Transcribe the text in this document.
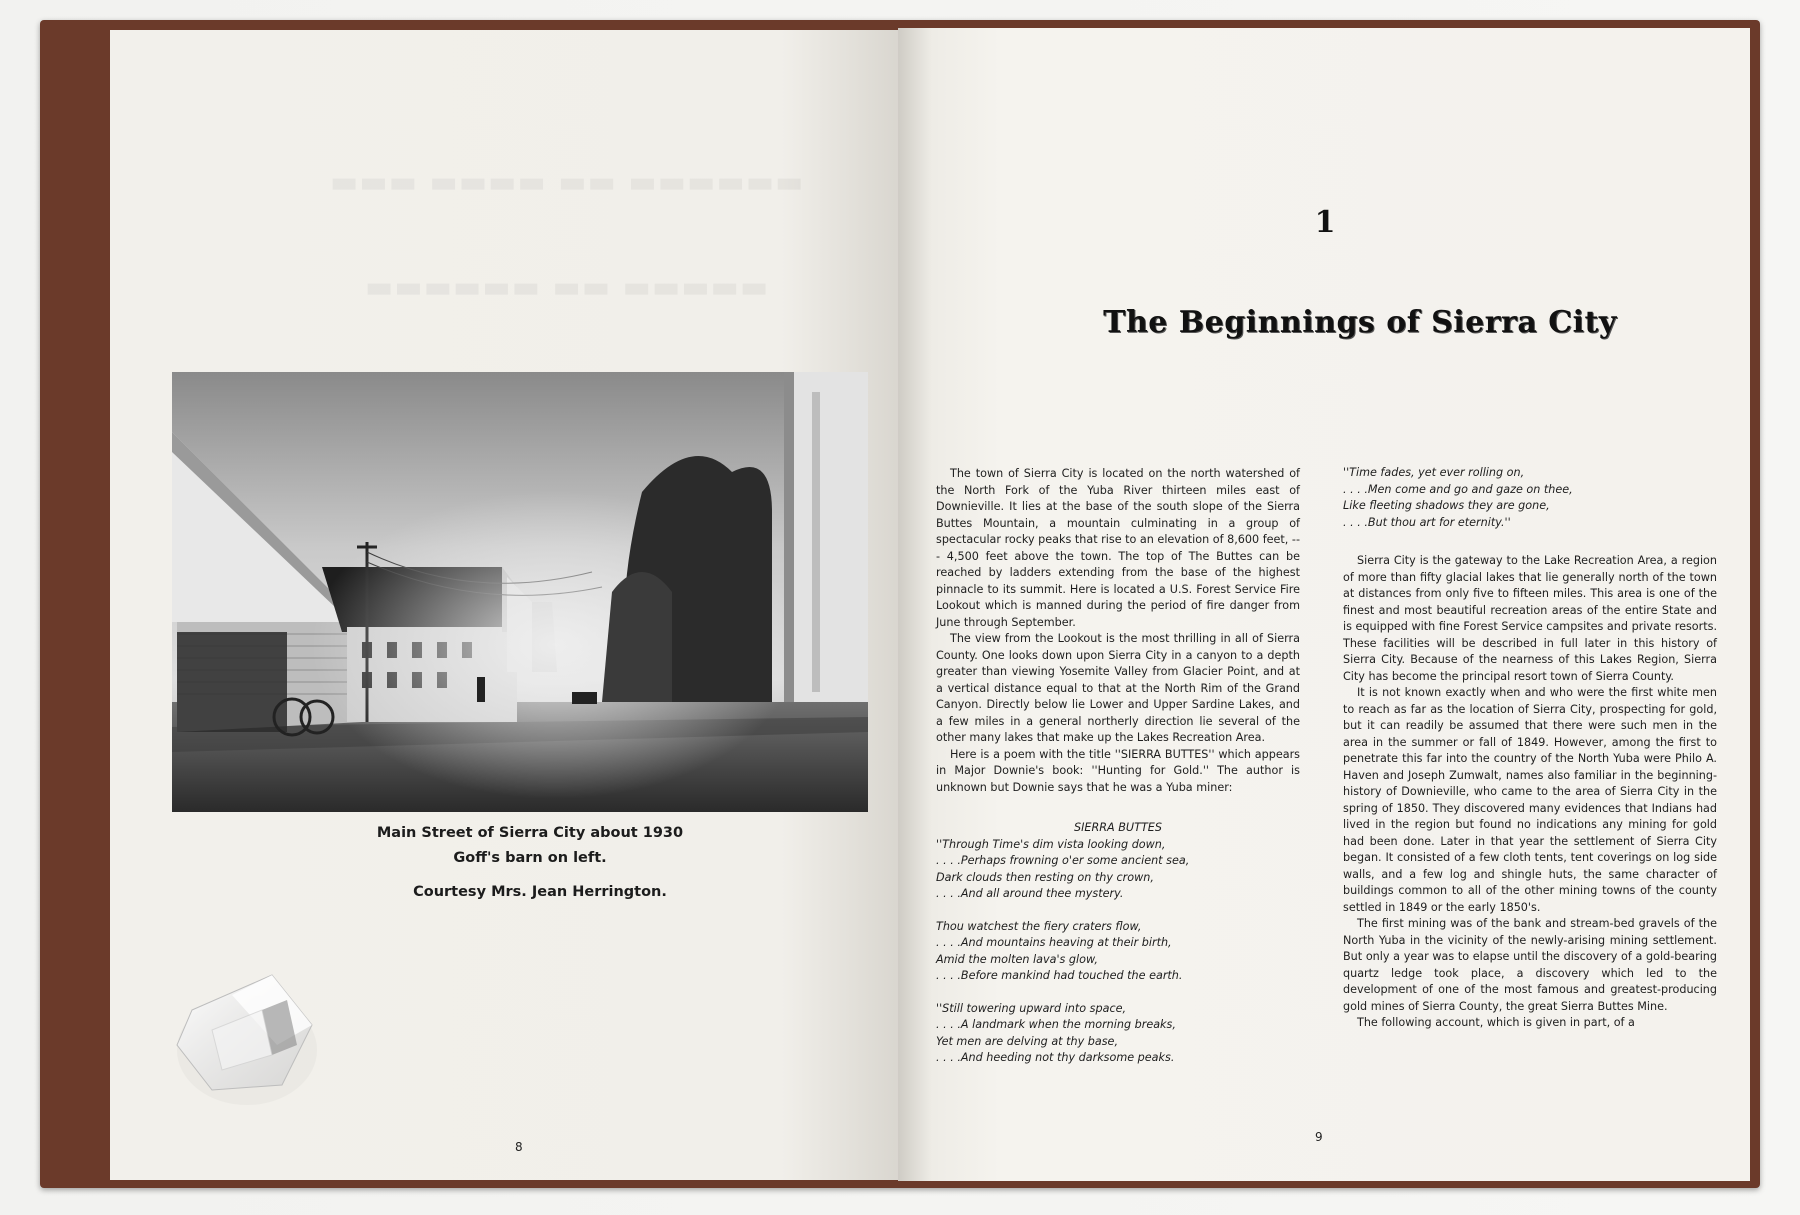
▬▬▬ ▬▬▬▬ ▬▬ ▬▬▬▬▬▬
▬▬▬▬▬▬ ▬▬ ▬▬▬▬▬
Main Street of Sierra City about 1930
Goff's barn on left.
Courtesy Mrs. Jean Herrington.
8
1
The Beginnings of Sierra City

The town of Sierra City is located on the north watershed of the North Fork of the Yuba River thirteen miles east of Downieville. It lies at the base of the south slope of the Sierra Buttes Mountain, a mountain culminating in a group of spectacular rocky peaks that rise to an elevation of 8,600 feet, --- 4,500 feet above the town. The top of The Buttes can be reached by ladders extending from the base of the highest pinnacle to its summit. Here is located a U.S. Forest Service Fire Lookout which is manned during the period of fire danger from June through September.

The view from the Lookout is the most thrilling in all of Sierra County. One looks down upon Sierra City in a canyon to a depth greater than viewing Yosemite Valley from Glacier Point, and at a vertical distance equal to that at the North Rim of the Grand Canyon. Directly below lie Lower and Upper Sardine Lakes, and a few miles in a general northerly direction lie several of the other many lakes that make up the Lakes Recreation Area.

Here is a poem with the title ''SIERRA BUTTES'' which appears in Major Downie's book: ''Hunting for Gold.'' The author is unknown but Downie says that he was a Yuba miner:

SIERRA BUTTES
''Through Time's dim vista looking down,
. . . .Perhaps frowning o'er some ancient sea,
Dark clouds then resting on thy crown,
. . . .And all around thee mystery.
Thou watchest the fiery craters flow,
. . . .And mountains heaving at their birth,
Amid the molten lava's glow,
. . . .Before mankind had touched the earth.
''Still towering upward into space,
. . . .A landmark when the morning breaks,
Yet men are delving at thy base,
. . . .And heeding not thy darksome peaks.
''Time fades, yet ever rolling on,
. . . .Men come and go and gaze on thee,
Like fleeting shadows they are gone,
. . . .But thou art for eternity.''

Sierra City is the gateway to the Lake Recreation Area, a region of more than fifty glacial lakes that lie generally north of the town at distances from only five to fifteen miles. This area is one of the finest and most beautiful recreation areas of the entire State and is equipped with fine Forest Service campsites and private resorts. These facilities will be described in full later in this history of Sierra City. Because of the nearness of this Lakes Region, Sierra City has become the principal resort town of Sierra County.

It is not known exactly when and who were the first white men to reach as far as the location of Sierra City, prospecting for gold, but it can readily be assumed that there were such men in the area in the summer or fall of 1849. However, among the first to penetrate this far into the country of the North Yuba were Philo A. Haven and Joseph Zumwalt, names also familiar in the beginning-history of Downieville, who came to the area of Sierra City in the spring of 1850. They discovered many evidences that Indians had lived in the region but found no indications any mining for gold had been done. Later in that year the settlement of Sierra City began. It consisted of a few cloth tents, tent coverings on log side walls, and a few log and shingle huts, the same character of buildings common to all of the other mining towns of the county settled in 1849 or the early 1850's.

The first mining was of the bank and stream-bed gravels of the North Yuba in the vicinity of the newly-arising mining settlement. But only a year was to elapse until the discovery of a gold-bearing quartz ledge took place, a discovery which led to the development of one of the most famous and greatest-producing gold mines of Sierra County, the great Sierra Buttes Mine.

The following account, which is given in part, of a

9
